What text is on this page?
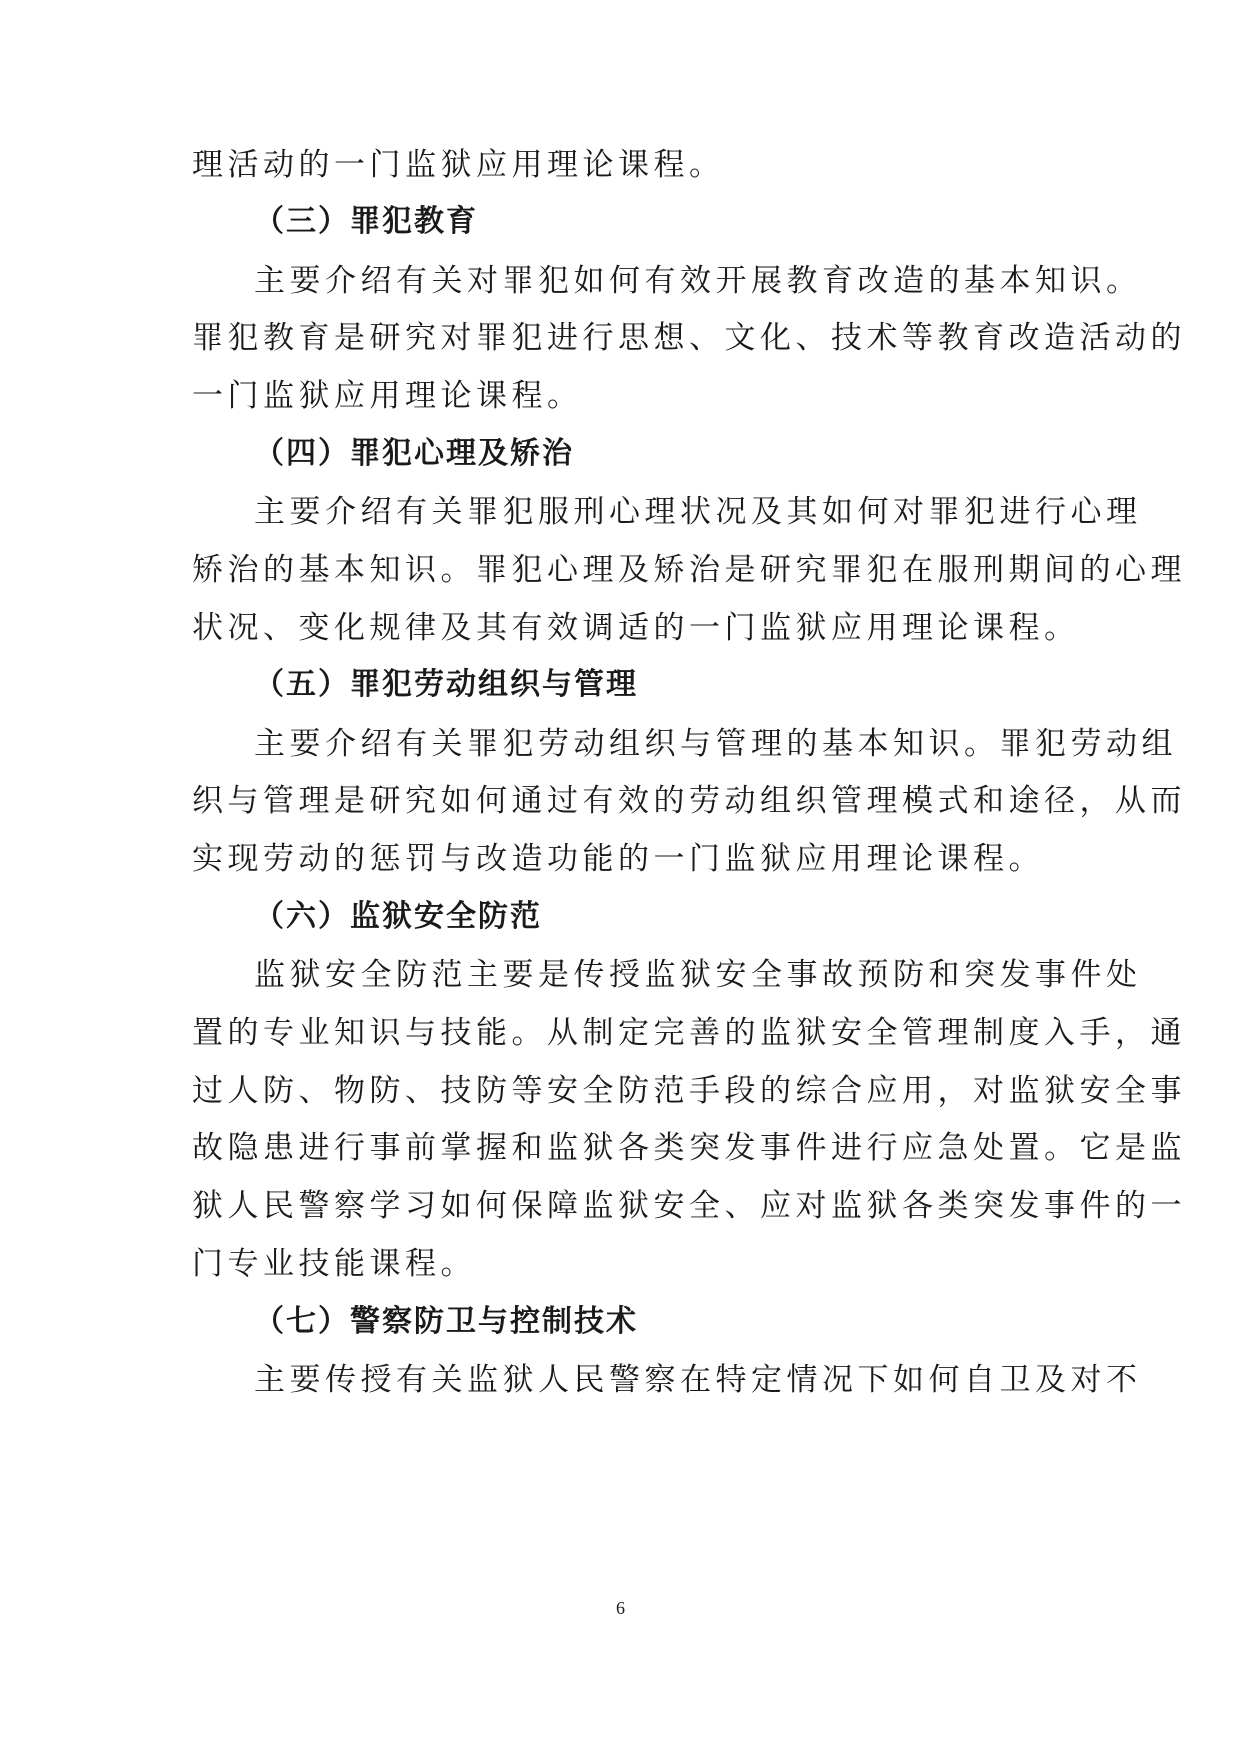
理活动的一门监狱应用理论课程。
（三）罪犯教育
主要介绍有关对罪犯如何有效开展教育改造的基本知识。
罪犯教育是研究对罪犯进行思想、文化、技术等教育改造活动的
一门监狱应用理论课程。
（四）罪犯心理及矫治
主要介绍有关罪犯服刑心理状况及其如何对罪犯进行心理
矫治的基本知识。罪犯心理及矫治是研究罪犯在服刑期间的心理
状况、变化规律及其有效调适的一门监狱应用理论课程。
（五）罪犯劳动组织与管理
主要介绍有关罪犯劳动组织与管理的基本知识。罪犯劳动组
织与管理是研究如何通过有效的劳动组织管理模式和途径，从而
实现劳动的惩罚与改造功能的一门监狱应用理论课程。
（六）监狱安全防范
监狱安全防范主要是传授监狱安全事故预防和突发事件处
置的专业知识与技能。从制定完善的监狱安全管理制度入手，通
过人防、物防、技防等安全防范手段的综合应用，对监狱安全事
故隐患进行事前掌握和监狱各类突发事件进行应急处置。它是监
狱人民警察学习如何保障监狱安全、应对监狱各类突发事件的一
门专业技能课程。
（七）警察防卫与控制技术
主要传授有关监狱人民警察在特定情况下如何自卫及对不
6
